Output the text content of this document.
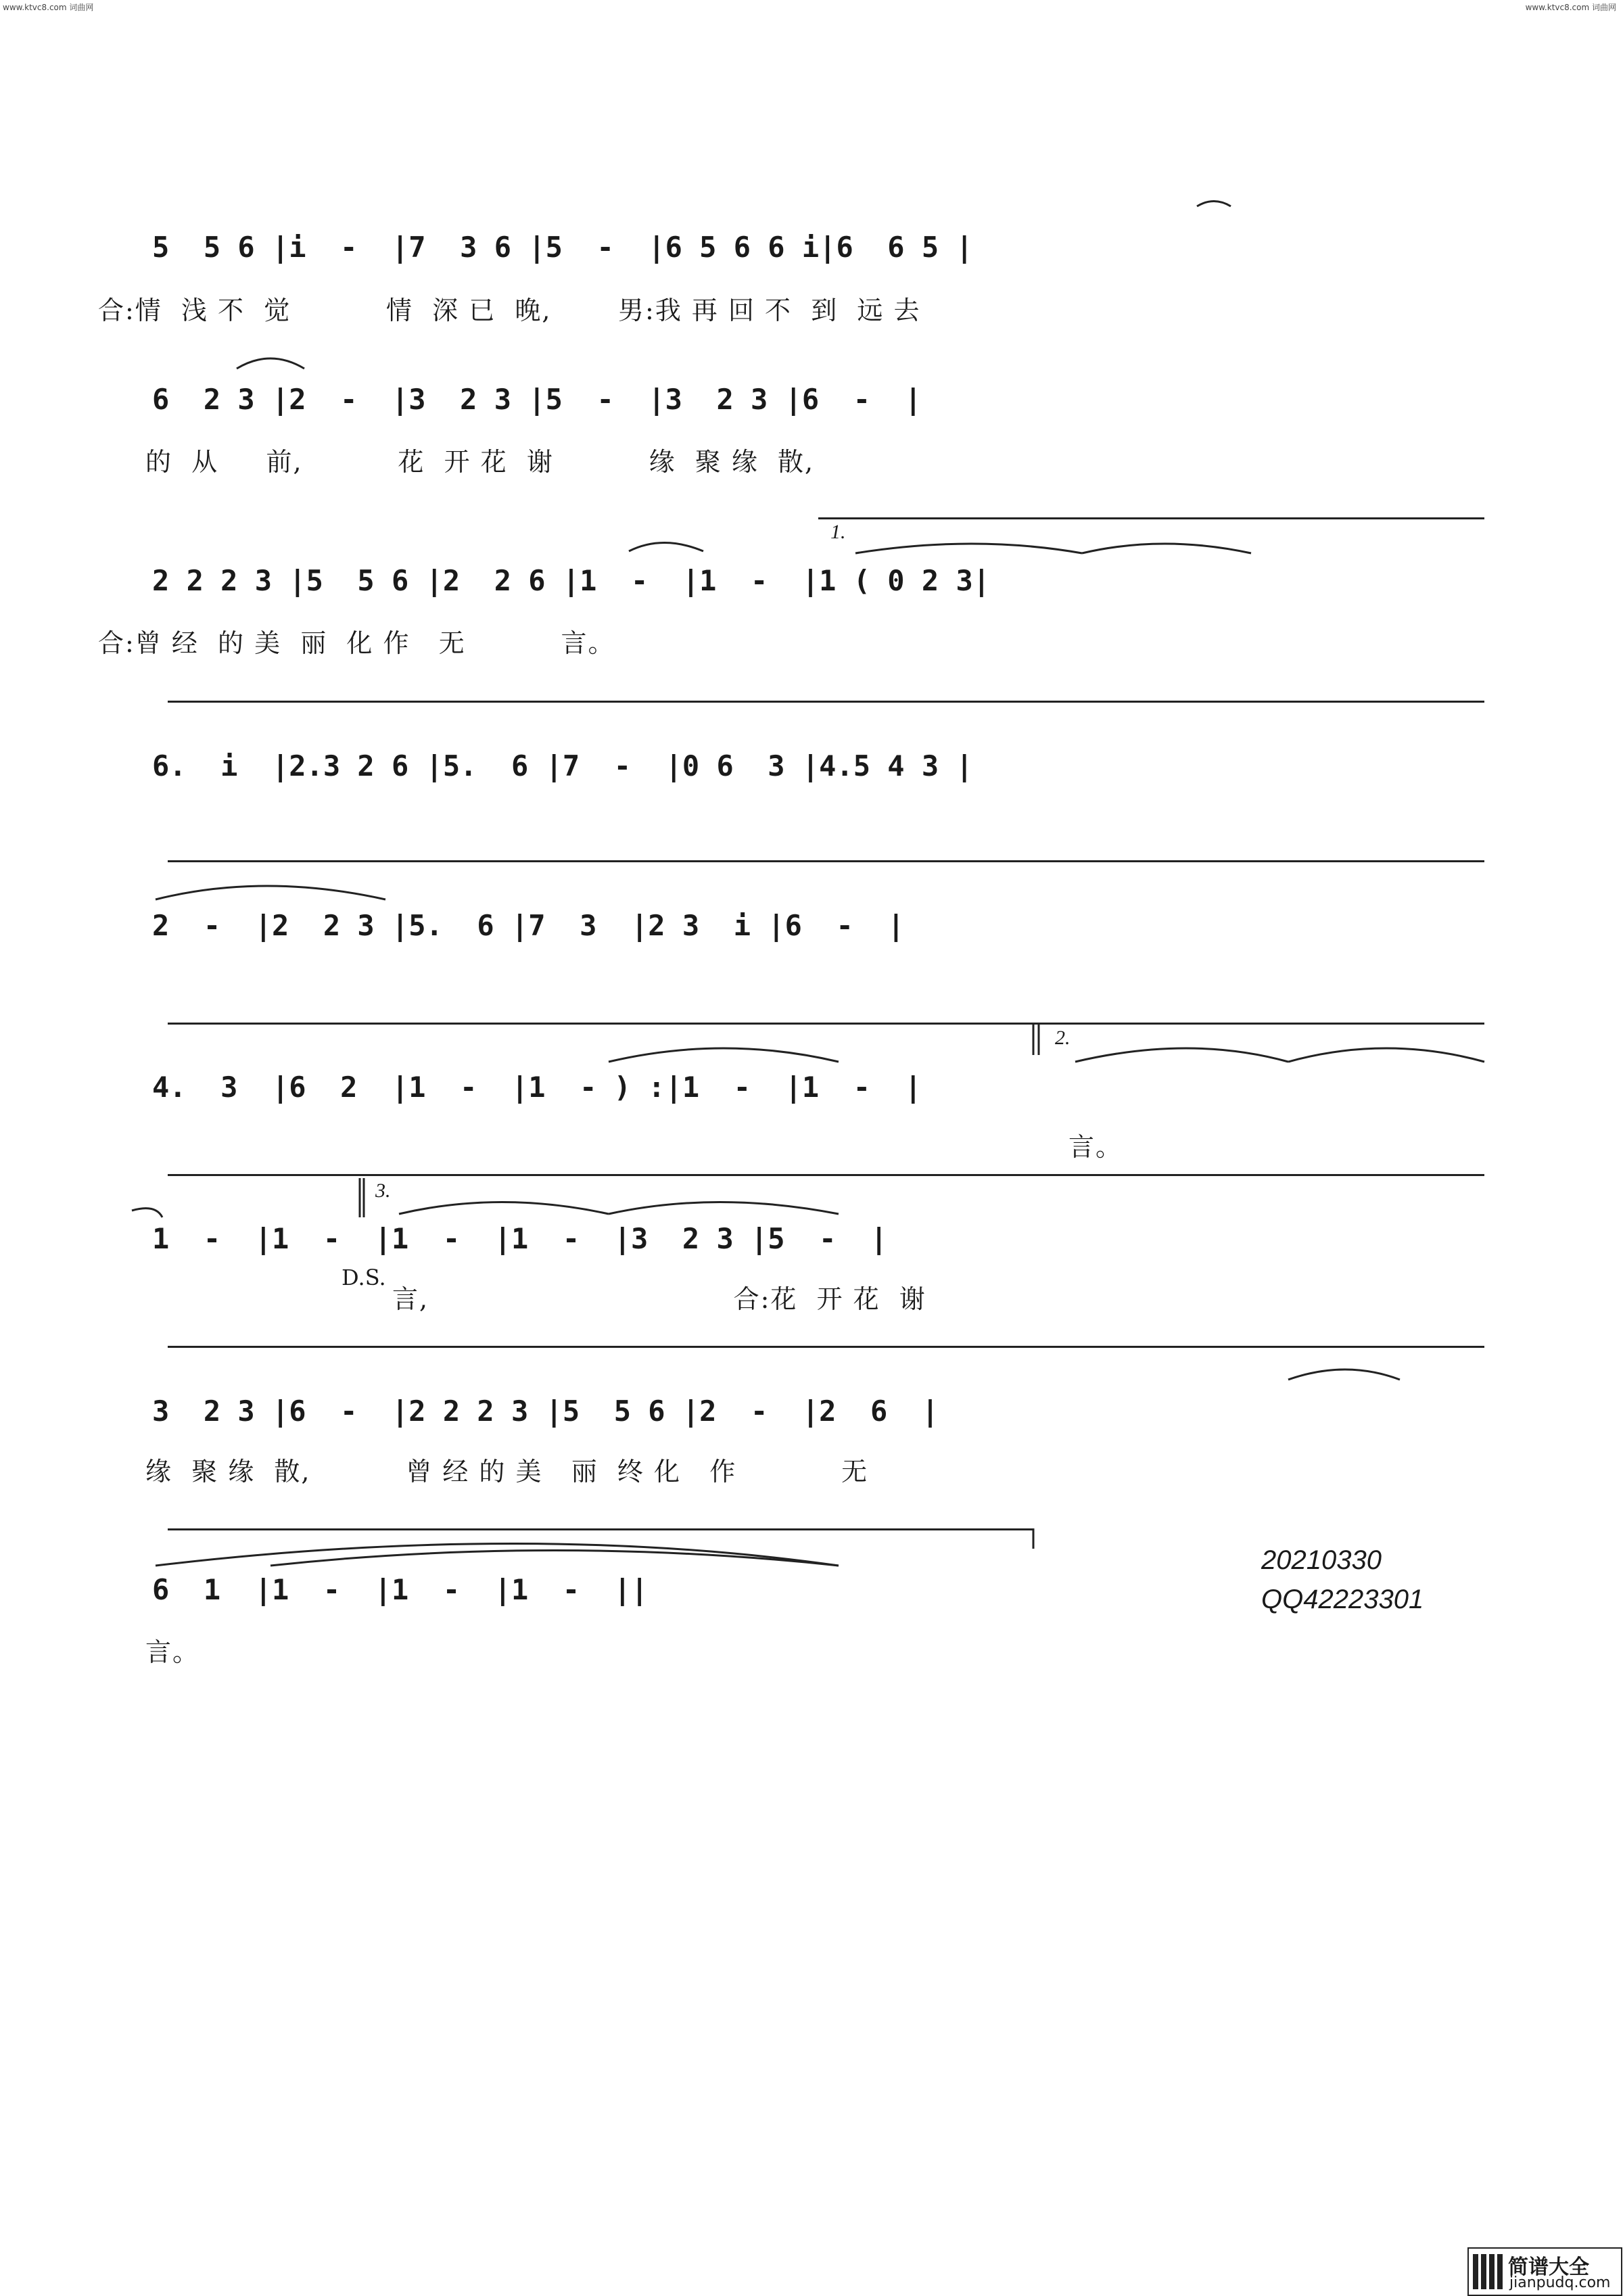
www.ktvc8.com 词曲网	www.ktvc8.com 词曲网
5  5 6 |i  -  |7  3 6 |5  -  |6 5 6 6 i|6  6 5 |
合:情  浅 不  觉          情  深 已  晚,       男:我 再 回 不  到  远 去
6  2 3 |2  -  |3  2 3 |5  -  |3  2 3 |6  -  |
的  从     前,          花  开 花  谢          缘  聚 缘  散,
1.
2 2 2 3 |5  5 6 |2  2 6 |1  -  |1  -  |1 ( 0 2 3|
合:曾 经  的 美  丽  化 作   无          言。
6.  i  |2.3 2 6 |5.  6 |7  -  |0 6  3 |4.5 4 3 |
2  -  |2  2 3 |5.  6 |7  3  |2 3  i |6  -  |
2.
4.  3  |6  2  |1  -  |1  - ) :|1  -  |1  -  |
言。
3.
1  -  |1  -  |1  -  |1  -  |3  2 3 |5  -  |
D.S.
言,                                合:花  开 花  谢
3  2 3 |6  -  |2 2 2 3 |5  5 6 |2  -  |2  6  |
缘  聚 缘  散,          曾 经 的 美   丽  终 化   作           无
6  1  |1  -  |1  -  |1  -  ||
言。
20210330
QQ42223301
简谱大全
jianpudq.com
